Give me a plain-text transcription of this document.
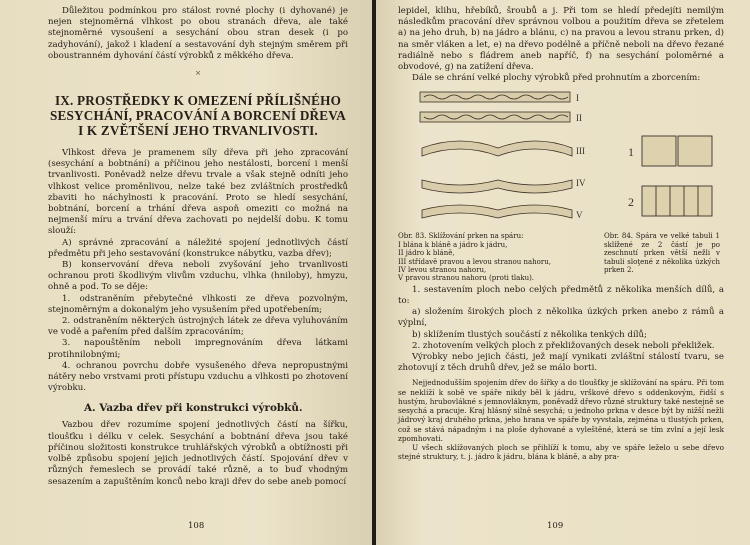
Důležitou podmínkou pro stálost rovné plochy (i dyhované) je nejen stejnoměrná vlhkost po obou stranách dřeva, ale také stejnoměrné vysoušení a sesychání obou stran desek (i po zadyhování), jakož i kladení a sestavování dyh stejným směrem při oboustranném dyhování částí výrobků z měkkého dřeva.

˟
IX. PROSTŘEDKY K OMEZENÍ PŘÍLIŠNÉHO SESYCHÁNÍ, PRACOVÁNÍ A BORCENÍ DŘEVA I K ZVĚTŠENÍ JEHO TRVANLIVOSTI.

Vlhkost dřeva je pramenem síly dřeva při jeho zpracování (sesychání a bobtnání) a příčinou jeho nestálosti, borcení i menší trvanlivosti. Poněvadž nelze dřevu trvale a však stejně odníti jeho vlhkost velice proměnlivou, nelze také bez zvláštních prostředků zbaviti ho náchylnosti k pracování. Proto se hledí sesychání, bobtnání, borcení a trhání dřeva aspoň omeziti co možná na nejmenší míru a trvání dřeva zachovati po nejdelší dobu. K tomu slouží:

A) správné zpracování a náležité spojení jednotlivých částí předmětu při jeho sestavování (konstrukce nábytku, vazba dřev);

B) konservování dřeva neboli zvyšování jeho trvanlivosti ochranou proti škodlivým vlivům vzduchu, vlhka (hniloby), hmyzu, ohně a pod. To se děje:

1. odstraněním přebytečné vlhkosti ze dřeva pozvolným, stejnoměrným a dokonalým jeho vysušením před upotřebením;

2. odstraněním některých ústrojných látek ze dřeva vyluhováním ve vodě a pařením před dalším zpracováním;

3. napouštěním neboli impregnováním dřeva látkami protihnilobnými;

4. ochranou povrchu dobře vysušeného dřeva nepropustnými nátěry nebo vrstvami proti přístupu vzduchu a vlhkosti po zhotovení výrobku.

A. Vazba dřev při konstrukci výrobků.

Vazbou dřev rozumíme spojení jednotlivých částí na šířku, tloušťku i délku v celek. Sesychání a bobtnání dřeva jsou také příčinou složitosti konstrukce truhlářských výrobků a obtížnosti při volbě způsobu spojení jejich jednotlivých částí. Spojování dřev v různých řemeslech se provádí také různě, a to buď vhodným sesazením a zapuštěním konců nebo kraji dřev do sebe aneb pomocí

108

lepidel, klihu, hřebíků, šroubů a j. Při tom se hledí předejíti nemilým následkům pracování dřev správnou volbou a použitím dřeva se zřetelem a) na jeho druh, b) na jádro a blánu, c) na pravou a levou stranu prken, d) na směr vláken a let, e) na dřevo podélně a příčně neboli na dřevo řezané radiálně nebo s fládrem aneb napříč, f) na sesychání poloměrné a obvodové, g) na zatížení dřeva.

Dále se chrání velké plochy výrobků před prohnutím a zborcením:

I
II
III
IV
V

Obr. 83. Sklížování prken na spáru:
I blána k bláně a jádro k jádru,
II jádro k bláně,
III střídavě pravou a levou stranou nahoru,
IV levou stranou nahoru,
V pravou stranou nahoru (proti tlaku).

1
2

Obr. 84. Spára ve velké tabuli 1 sklížené ze 2 částí je po zeschnutí prken větší nežli v tabuli sloţené z několika úzkých prken 2.

1. sestavením ploch nebo celých předmětů z několika menších dílů, a to:

a) složením širokých ploch z několika úzkých prken anebo z rámů a výplní,

b) sklížením tlustých součástí z několika tenkých dílů;

2. zhotovením velkých ploch z překližovaných desek neboli překližek.

Výrobky nebo jejich části, jež mají vynikati zvláštní stálostí tvaru, se zhotovují z těch druhů dřev, jež se málo borti.

Nejjednodušším spojením dřev do šířky a do tloušťky je sklížování na spáru. Při tom se neklíží k sobě ve spáře nikdy běl k jádru, vrškové dřevo s oddenkovým, řidší s hustým, hrubovlákné s jemnovláknym, poněvadž dřevo různé struktury také nestejně se sesychá a pracuje. Kraj hlásný silně sesychá; u jednoho prkna v desce být by nižší nežli jádrový kraj druhého prkna, jeho hrana ve spáře by vyvstala, zejména u tlustých prken, což se stává nápadným i na ploše dyhované a vyleštěné, která se tím zvlní a její lesk zpomhovati.

U všech sklížovaných ploch se přihlíží k tomu, aby ve spáře leželo u sebe dřevo stejné struktury, t. j. jádro k jádru, blána k bláně, a aby pra-

109
